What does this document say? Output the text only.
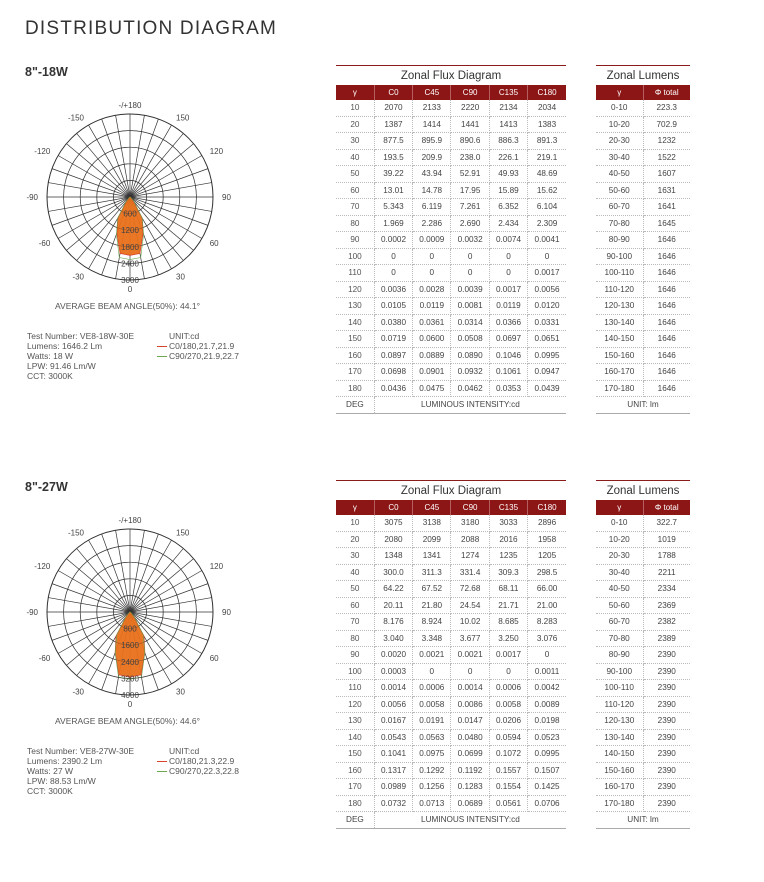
DISTRIBUTION DIAGRAM
8"-18W
600
1200
1800
2400
3000
-/+180
150
-150
120
-120
90
-90
60
-60
30
-30
0
AVERAGE BEAM ANGLE(50%): 44.1°
Test Number: VE8-18W-30E
Lumens: 1646.2 Lm
Watts: 18 W
LPW: 91.46 Lm/W
CCT: 3000K
UNIT:cd
C0/180,21.7,21.9
C90/270,21.9,22.7
Zonal Flux Diagram
γ	C0	C45	C90	C135	C180
10	2070	2133	2220	2134	2034
20	1387	1414	1441	1413	1383
30	877.5	895.9	890.6	886.3	891.3
40	193.5	209.9	238.0	226.1	219.1
50	39.22	43.94	52.91	49.93	48.69
60	13.01	14.78	17.95	15.89	15.62
70	5.343	6.119	7.261	6.352	6.104
80	1.969	2.286	2.690	2.434	2.309
90	0.0002	0.0009	0.0032	0.0074	0.0041
100	0	0	0	0	0
110	0	0	0	0	0.0017
120	0.0036	0.0028	0.0039	0.0017	0.0056
130	0.0105	0.0119	0.0081	0.0119	0.0120
140	0.0380	0.0361	0.0314	0.0366	0.0331
150	0.0719	0.0600	0.0508	0.0697	0.0651
160	0.0897	0.0889	0.0890	0.1046	0.0995
170	0.0698	0.0901	0.0932	0.1061	0.0947
180	0.0436	0.0475	0.0462	0.0353	0.0439
DEG	LUMINOUS INTENSITY:cd				
Zonal Lumens
γ	Φ total
0-10	223.3
10-20	702.9
20-30	1232
30-40	1522
40-50	1607
50-60	1631
60-70	1641
70-80	1645
80-90	1646
90-100	1646
100-110	1646
110-120	1646
120-130	1646
130-140	1646
140-150	1646
150-160	1646
160-170	1646
170-180	1646
UNIT: lm	
8"-27W
800
1600
2400
3200
4000
-/+180
150
-150
120
-120
90
-90
60
-60
30
-30
0
AVERAGE BEAM ANGLE(50%): 44.6°
Test Number: VE8-27W-30E
Lumens: 2390.2 Lm
Watts: 27 W
LPW: 88.53 Lm/W
CCT: 3000K
UNIT:cd
C0/180,21.3,22.9
C90/270,22.3,22.8
Zonal Flux Diagram
γ	C0	C45	C90	C135	C180
10	3075	3138	3180	3033	2896
20	2080	2099	2088	2016	1958
30	1348	1341	1274	1235	1205
40	300.0	311.3	331.4	309.3	298.5
50	64.22	67.52	72.68	68.11	66.00
60	20.11	21.80	24.54	21.71	21.00
70	8.176	8.924	10.02	8.685	8.283
80	3.040	3.348	3.677	3.250	3.076
90	0.0020	0.0021	0.0021	0.0017	0
100	0.0003	0	0	0	0.0011
110	0.0014	0.0006	0.0014	0.0006	0.0042
120	0.0056	0.0058	0.0086	0.0058	0.0089
130	0.0167	0.0191	0.0147	0.0206	0.0198
140	0.0543	0.0563	0.0480	0.0594	0.0523
150	0.1041	0.0975	0.0699	0.1072	0.0995
160	0.1317	0.1292	0.1192	0.1557	0.1507
170	0.0989	0.1256	0.1283	0.1554	0.1425
180	0.0732	0.0713	0.0689	0.0561	0.0706
DEG	LUMINOUS INTENSITY:cd				
Zonal Lumens
γ	Φ total
0-10	322.7
10-20	1019
20-30	1788
30-40	2211
40-50	2334
50-60	2369
60-70	2382
70-80	2389
80-90	2390
90-100	2390
100-110	2390
110-120	2390
120-130	2390
130-140	2390
140-150	2390
150-160	2390
160-170	2390
170-180	2390
UNIT: lm	
